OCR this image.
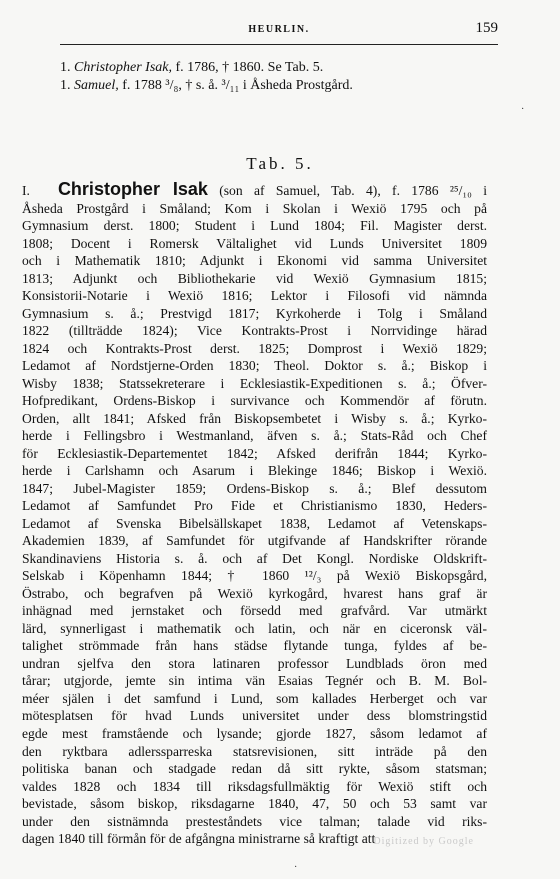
HEURLIN.	159
1. Christopher Isak, f. 1786, † 1860. Se Tab. 5.
1. Samuel, f. 1788 ³/₈, † s. å. ³/₁₁ i Åsheda Prostgård.
Tab. 5.
I. Christopher Isak (son af Samuel, Tab. 4), f. 1786 ²⁵/₁₀ i
Åsheda Prostgård i Småland; Kom i Skolan i Wexiö 1795 och på
Gymnasium derst. 1800; Student i Lund 1804; Fil. Magister derst.
1808; Docent i Romersk Vältalighet vid Lunds Universitet 1809
och i Mathematik 1810; Adjunkt i Ekonomi vid samma Universitet
1813; Adjunkt och Bibliothekarie vid Wexiö Gymnasium 1815;
Konsistorii-Notarie i Wexiö 1816; Lektor i Filosofi vid nämnda
Gymnasium s. å.; Prestvigd 1817; Kyrkoherde i Tolg i Småland
1822 (tillträdde 1824); Vice Kontrakts-Prost i Norrvidinge härad
1824 och Kontrakts-Prost derst. 1825; Domprost i Wexiö 1829;
Ledamot af Nordstjerne-Orden 1830; Theol. Doktor s. å.; Biskop i
Wisby 1838; Statssekreterare i Ecklesiastik-Expeditionen s. å.; Öfver-
Hofpredikant, Ordens-Biskop i survivance och Kommendör af förutn.
Orden, allt 1841; Afsked från Biskopsembetet i Wisby s. å.; Kyrko-
herde i Fellingsbro i Westmanland, äfven s. å.; Stats-Råd och Chef
för Ecklesiastik-Departementet 1842; Afsked derifrån 1844; Kyrko-
herde i Carlshamn och Asarum i Blekinge 1846; Biskop i Wexiö.
1847; Jubel-Magister 1859; Ordens-Biskop s. å.; Blef dessutom
Ledamot af Samfundet Pro Fide et Christianismo 1830, Heders-
Ledamot af Svenska Bibelsällskapet 1838, Ledamot af Vetenskaps-
Akademien 1839, af Samfundet för utgifvande af Handskrifter rörande
Skandinaviens Historia s. å. och af Det Kongl. Nordiske Oldskrift-
Selskab i Köpenhamn 1844; † 1860 ¹²/₃ på Wexiö Biskopsgård,
Östrabo, och begrafven på Wexiö kyrkogård, hvarest hans graf är
inhägnad med jernstaket och försedd med grafvård. Var utmärkt
lärd, synnerligast i mathematik och latin, och när en ciceronsk väl-
talighet strömmade från hans städse flytande tunga, fyldes af be-
undran sjelfva den stora latinaren professor Lundblads öron med
tårar; utgjorde, jemte sin intima vän Esaias Tegnér och B. M. Bol-
méer själen i det samfund i Lund, som kallades Herberget och var
mötesplatsen för hvad Lunds universitet under dess blomstringstid
egde mest framstående och lysande; gjorde 1827, såsom ledamot af
den ryktbara adlerssparreska statsrevisionen, sitt inträde på den
politiska banan och stadgade redan då sitt rykte, såsom statsman;
valdes 1828 och 1834 till riksdagsfullmäktig för Wexiö stift och
bevistade, såsom biskop, riksdagarne 1840, 47, 50 och 53 samt var
under den sistnämnda presteståndets vice talman; talade vid riks-
dagen 1840 till förmån för de afgångna ministrarne så kraftigt att
Digitized by Google
·
·
